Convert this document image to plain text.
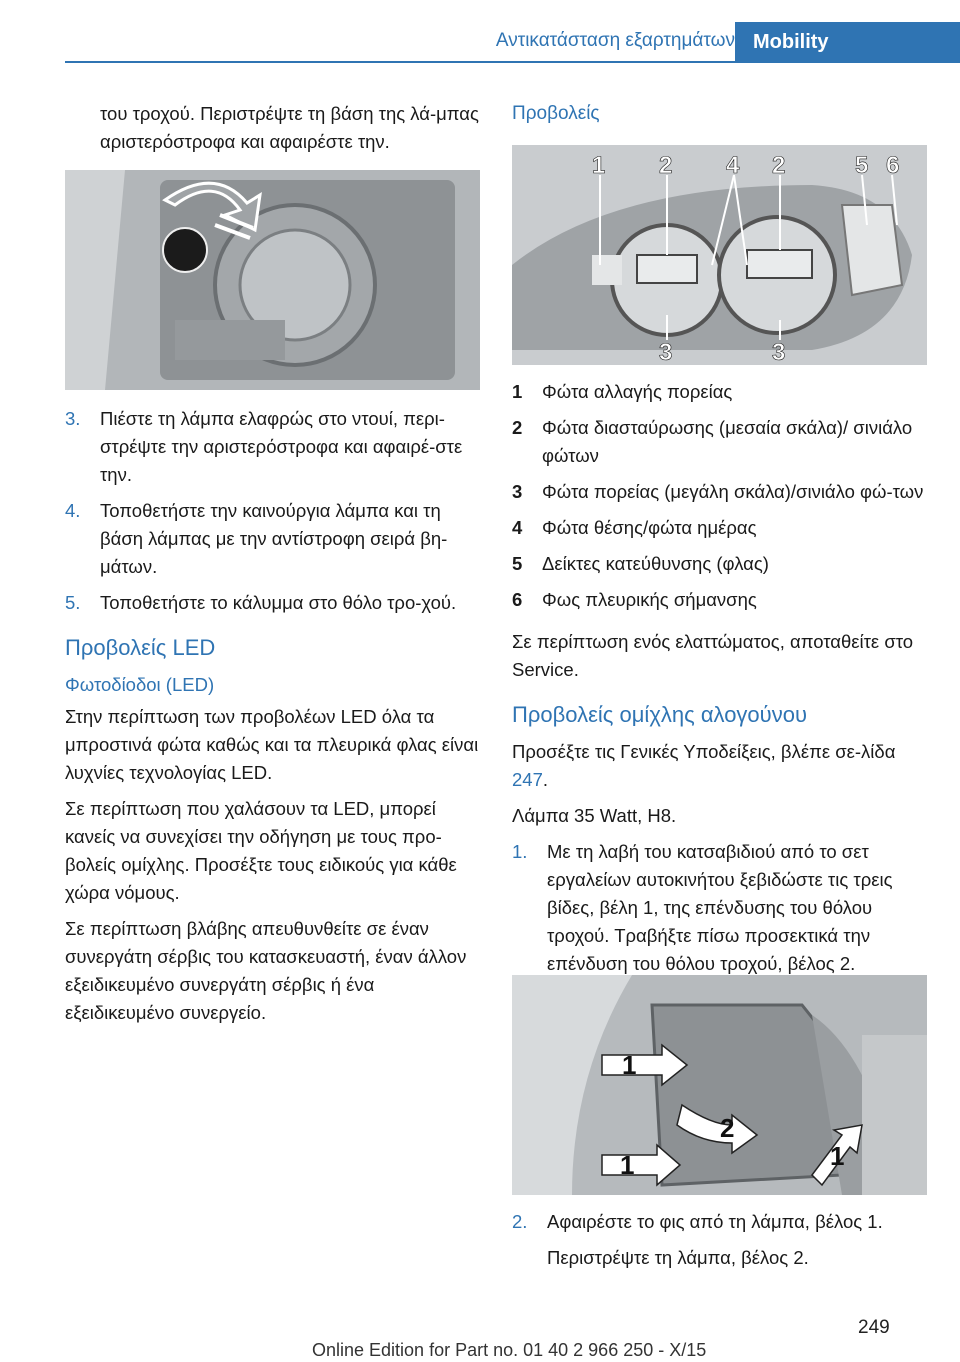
Αντικατάσταση εξαρτημάτων Mobility
του τροχού. Περιστρέψτε τη βάση της λά‐μπας αριστερόστροφα και αφαιρέστε την.
3.	Πιέστε τη λάμπα ελαφρώς στο ντουί, περι‐στρέψτε την αριστερόστροφα και αφαιρέ‐στε την.
4.	Τοποθετήστε την καινούργια λάμπα και τη βάση λάμπας με την αντίστροφη σειρά βη‐μάτων.
5.	Τοποθετήστε το κάλυμμα στο θόλο τρο‐χού.
Προβολείς LED
Φωτοδίοδοι (LED)

Στην περίπτωση των προβολέων LED όλα τα μπροστινά φώτα καθώς και τα πλευρικά φλας είναι λυχνίες τεχνολογίας LED.

Σε περίπτωση που χαλάσουν τα LED, μπορεί κανείς να συνεχίσει την οδήγηση με τους προ‐βολείς ομίχλης. Προσέξτε τους ειδικούς για κάθε χώρα νόμους.

Σε περίπτωση βλάβης απευθυνθείτε σε έναν συνεργάτη σέρβις του κατασκευαστή, έναν άλλον εξειδικευμένο συνεργάτη σέρβις ή ένα εξειδικευμένο συνεργείο.

Προβολείς
1 2 4 2	5 6
3	3
1	Φώτα αλλαγής πορείας
2	Φώτα διασταύρωσης (μεσαία σκάλα)/ σινιάλο φώτων
3	Φώτα πορείας (μεγάλη σκάλα)/σινιάλο φώ‐των
4	Φώτα θέσης/φώτα ημέρας
5	Δείκτες κατεύθυνσης (φλας)
6	Φως πλευρικής σήμανσης

Σε περίπτωση ενός ελαττώματος, αποταθείτε στο Service.

Προβολείς ομίχλης αλογούνου

Προσέξτε τις Γενικές Υποδείξεις, βλέπε σε‐λίδα 247.

Λάμπα 35 Watt, H8.

1.	Με τη λαβή του κατσαβιδιού από το σετ εργαλείων αυτοκινήτου ξεβιδώστε τις τρεις βίδες, βέλη 1, της επένδυσης του θόλου τροχού. Τραβήξτε πίσω προσεκτικά την επένδυση του θόλου τροχού, βέλος 2.
1
2
1	1
2.	Αφαιρέστε το φις από τη λάμπα, βέλος 1.
Περιστρέψτε τη λάμπα, βέλος 2.
249
Online Edition for Part no. 01 40 2 966 250 - X/15
